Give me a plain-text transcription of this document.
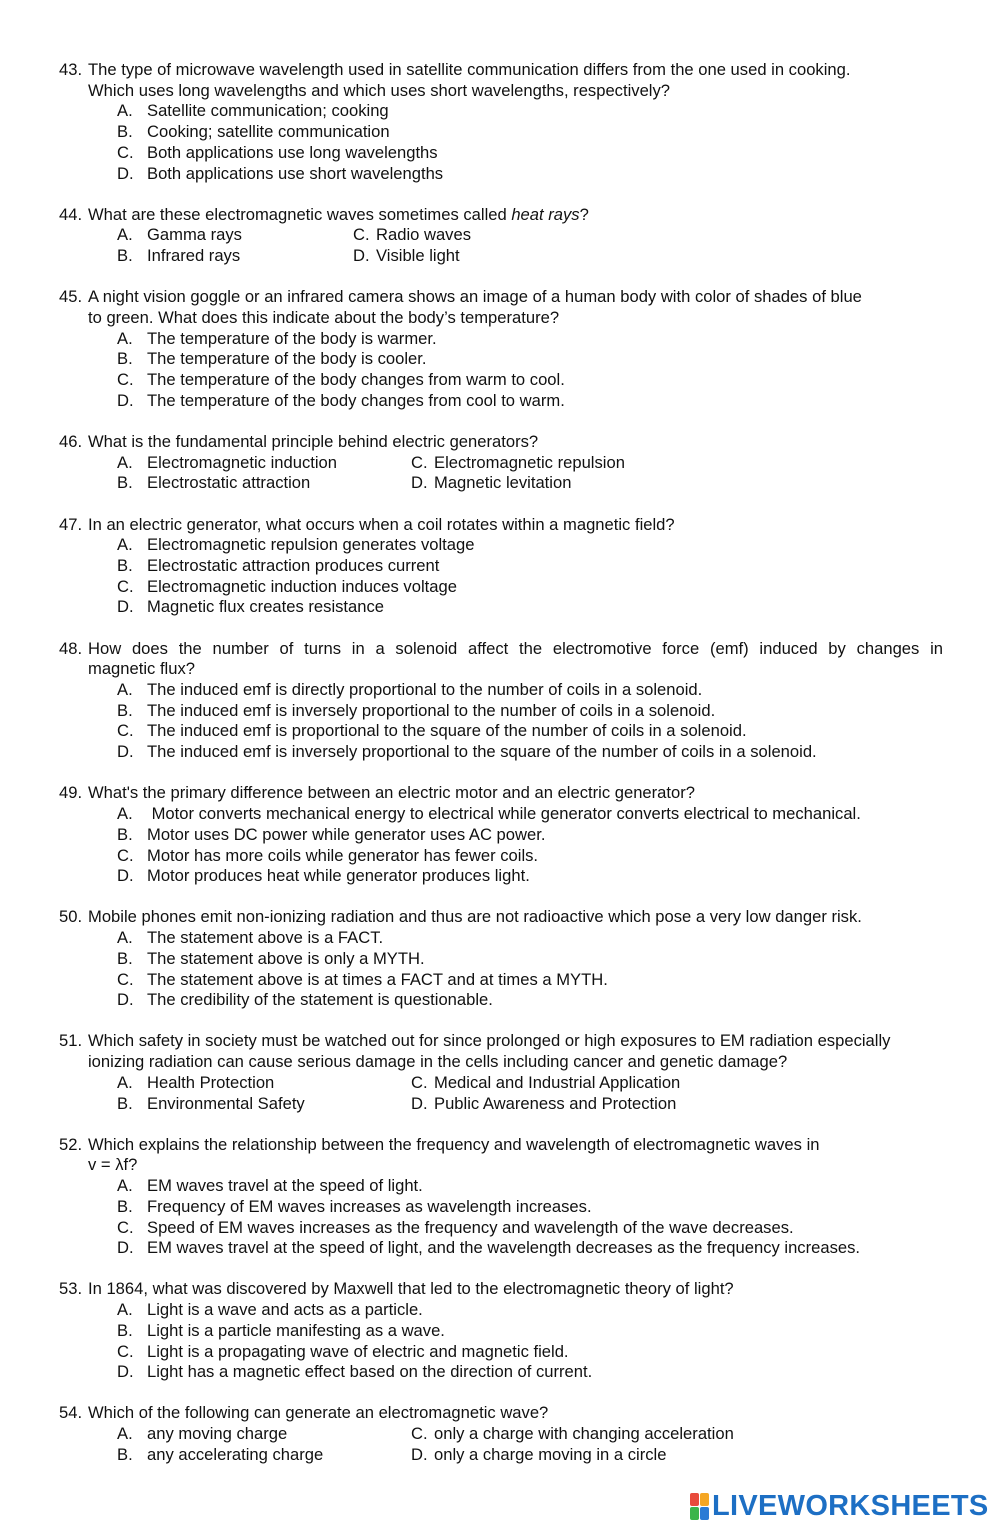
43. The type of microwave wavelength used in satellite communication differs from the one used in cooking.
Which uses long wavelengths and which uses short wavelengths, respectively?
A. Satellite communication; cooking
B. Cooking; satellite communication
C. Both applications use long wavelengths
D. Both applications use short wavelengths
44. What are these electromagnetic waves sometimes called heat rays?
A. Gamma rays	C. Radio waves
B. Infrared rays	D. Visible light
45. A night vision goggle or an infrared camera shows an image of a human body with color of shades of blue
to green. What does this indicate about the body’s temperature?
A. The temperature of the body is warmer.
B. The temperature of the body is cooler.
C. The temperature of the body changes from warm to cool.
D. The temperature of the body changes from cool to warm.
46. What is the fundamental principle behind electric generators?
A. Electromagnetic induction	C. Electromagnetic repulsion
B. Electrostatic attraction	D. Magnetic levitation
47. In an electric generator, what occurs when a coil rotates within a magnetic field?
A. Electromagnetic repulsion generates voltage
B. Electrostatic attraction produces current
C. Electromagnetic induction induces voltage
D. Magnetic flux creates resistance
48. How does the number of turns in a solenoid affect the electromotive force (emf) induced by changes in
magnetic flux?
A. The induced emf is directly proportional to the number of coils in a solenoid.
B. The induced emf is inversely proportional to the number of coils in a solenoid.
C. The induced emf is proportional to the square of the number of coils in a solenoid.
D. The induced emf is inversely proportional to the square of the number of coils in a solenoid.
49. What's the primary difference between an electric motor and an electric generator?
A. Motor converts mechanical energy to electrical while generator converts electrical to mechanical.
B. Motor uses DC power while generator uses AC power.
C. Motor has more coils while generator has fewer coils.
D. Motor produces heat while generator produces light.
50. Mobile phones emit non-ionizing radiation and thus are not radioactive which pose a very low danger risk.
A. The statement above is a FACT.
B. The statement above is only a MYTH.
C. The statement above is at times a FACT and at times a MYTH.
D. The credibility of the statement is questionable.
51. Which safety in society must be watched out for since prolonged or high exposures to EM radiation especially
ionizing radiation can cause serious damage in the cells including cancer and genetic damage?
A. Health Protection	C. Medical and Industrial Application
B. Environmental Safety	D. Public Awareness and Protection
52. Which explains the relationship between the frequency and wavelength of electromagnetic waves in
v = λf?
A. EM waves travel at the speed of light.
B. Frequency of EM waves increases as wavelength increases.
C. Speed of EM waves increases as the frequency and wavelength of the wave decreases.
D. EM waves travel at the speed of light, and the wavelength decreases as the frequency increases.
53. In 1864, what was discovered by Maxwell that led to the electromagnetic theory of light?
A. Light is a wave and acts as a particle.
B. Light is a particle manifesting as a wave.
C. Light is a propagating wave of electric and magnetic field.
D. Light has a magnetic effect based on the direction of current.
54. Which of the following can generate an electromagnetic wave?
A. any moving charge	C. only a charge with changing acceleration
B. any accelerating charge	D. only a charge moving in a circle
LIVEWORKSHEETS
